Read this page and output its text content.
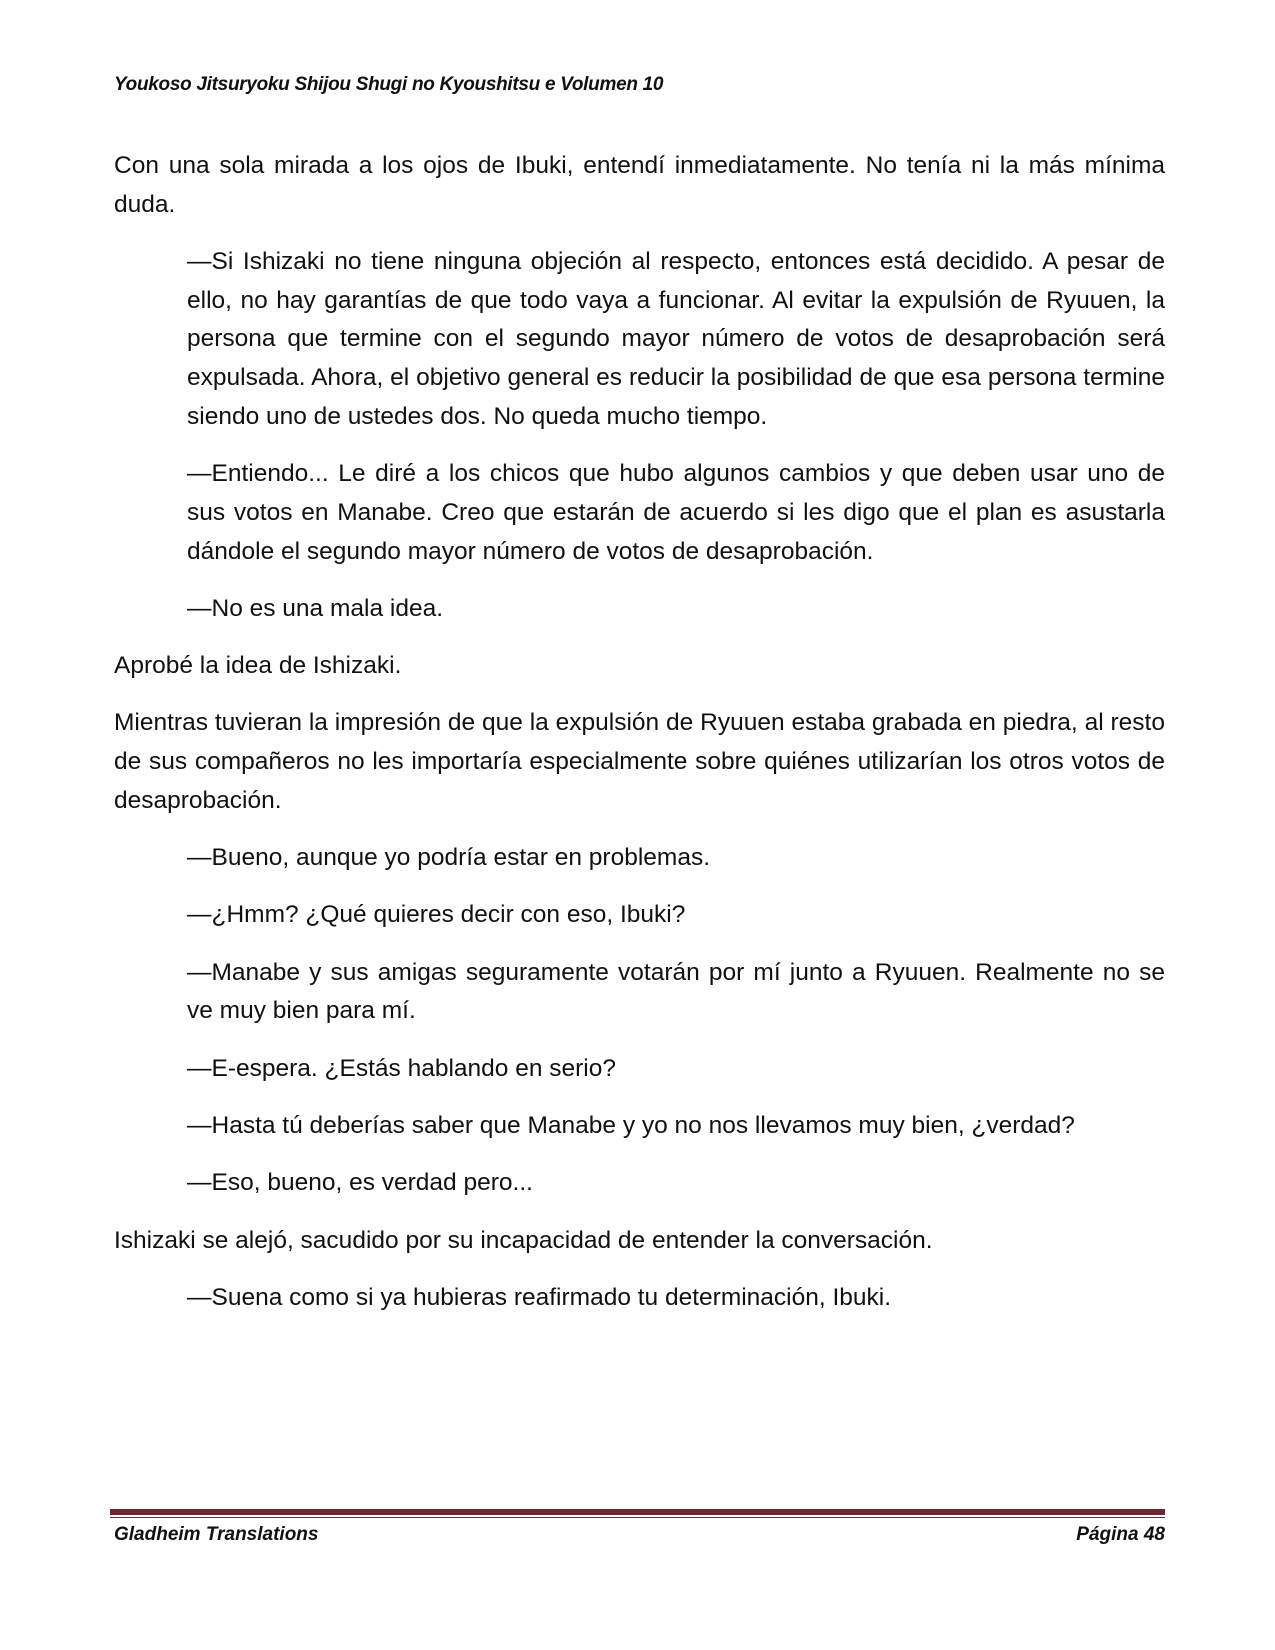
Youkoso Jitsuryoku Shijou Shugi no Kyoushitsu e Volumen 10

Con una sola mirada a los ojos de Ibuki, entendí inmediatamente. No tenía ni la más mínima duda.

—Si Ishizaki no tiene ninguna objeción al respecto, entonces está decidido. A pesar de ello, no hay garantías de que todo vaya a funcionar. Al evitar la expulsión de Ryuuen, la persona que termine con el segundo mayor número de votos de desaprobación será expulsada. Ahora, el objetivo general es reducir la posibilidad de que esa persona termine siendo uno de ustedes dos. No queda mucho tiempo.

—Entiendo... Le diré a los chicos que hubo algunos cambios y que deben usar uno de sus votos en Manabe. Creo que estarán de acuerdo si les digo que el plan es asustarla dándole el segundo mayor número de votos de desaprobación.

—No es una mala idea.

Aprobé la idea de Ishizaki.

Mientras tuvieran la impresión de que la expulsión de Ryuuen estaba grabada en piedra, al resto de sus compañeros no les importaría especialmente sobre quiénes utilizarían los otros votos de desaprobación.

—Bueno, aunque yo podría estar en problemas.

—¿Hmm? ¿Qué quieres decir con eso, Ibuki?

—Manabe y sus amigas seguramente votarán por mí junto a Ryuuen. Realmente no se ve muy bien para mí.

—E-espera. ¿Estás hablando en serio?

—Hasta tú deberías saber que Manabe y yo no nos llevamos muy bien, ¿verdad?

—Eso, bueno, es verdad pero...

Ishizaki se alejó, sacudido por su incapacidad de entender la conversación.

—Suena como si ya hubieras reafirmado tu determinación, Ibuki.

Gladheim Translations	Página 48
